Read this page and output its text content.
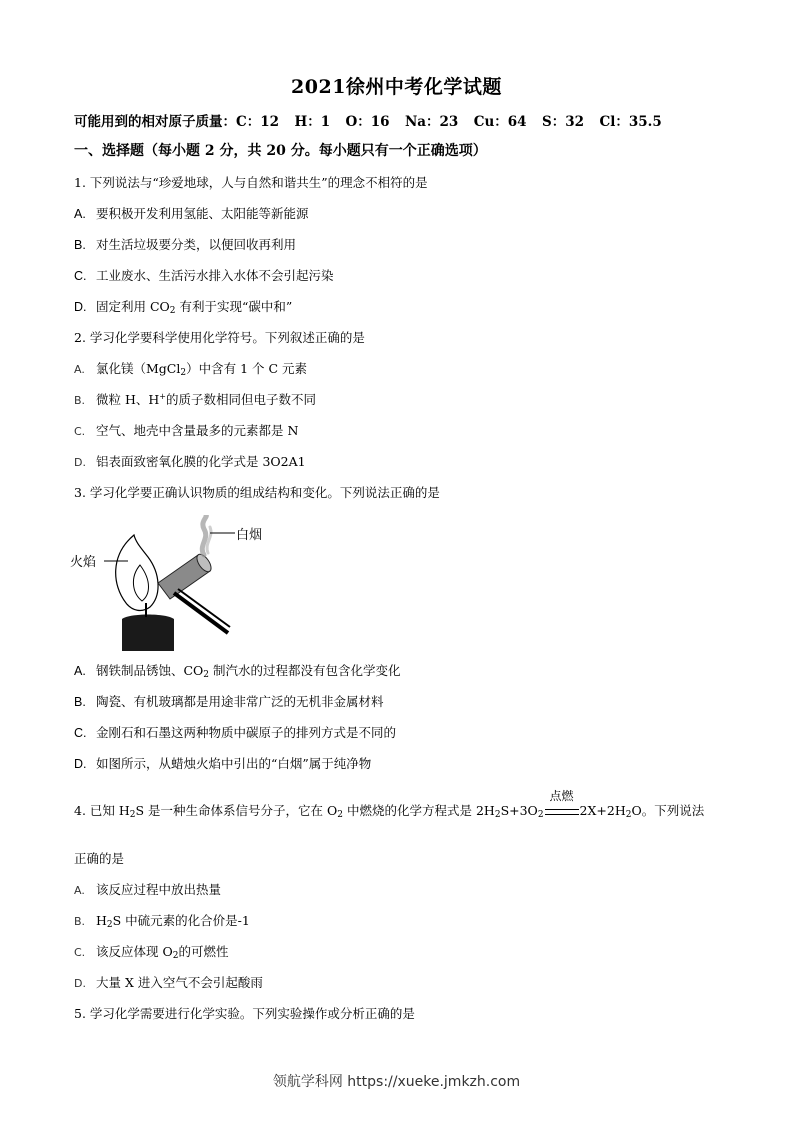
2021徐州中考化学试题
可能用到的相对原子质量：C：12 H：1 O：16 Na：23 Cu：64 S：32 Cl：35.5
一、选择题（每小题 2 分，共 20 分。每小题只有一个正确选项）
1. 下列说法与“珍爱地球，人与自然和谐共生”的理念不相符的是
A. 要积极开发利用氢能、太阳能等新能源
B. 对生活垃圾要分类，以便回收再利用
C. 工业废水、生活污水排入水体不会引起污染
D. 固定利用 $CO_2$ 有利于实现“碳中和”
2. 学习化学要科学使用化学符号。下列叙述正确的是
A. 氯化镁（MgCl$_2$）中含有 1 个 C 元素
B. 微粒 H、H+的质子数相同但电子数不同
C. 空气、地壳中含量最多的元素都是 N
D. 铝表面致密氧化膜的化学式是 3O2A1
3. 学习化学要正确认识物质的组成结构和变化。下列说法正确的是
火焰
白烟
A. 钢铁制品锈蚀、$CO_2$ 制汽水的过程都没有包含化学变化
B. 陶瓷、有机玻璃都是用途非常广泛的无机非金属材料
C. 金刚石和石墨这两种物质中碳原子的排列方式是不同的
D. 如图所示，从蜡烛火焰中引出的“白烟”属于纯净物
4. 已知 $H_2S$ 是一种生命体系信号分子，它在 $O_2$ 中燃烧的化学方程式是 $2H_2S+3O_2$
点燃
$2X+2H_2O$。下列说法
正确的是
A. 该反应过程中放出热量
B. $H_2S$ 中硫元素的化合价是-1
C. 该反应体现 $O_2$的可燃性
D. 大量 X 进入空气不会引起酸雨
5. 学习化学需要进行化学实验。下列实验操作或分析正确的是
领航学科网 https://xueke.jmkzh.com
